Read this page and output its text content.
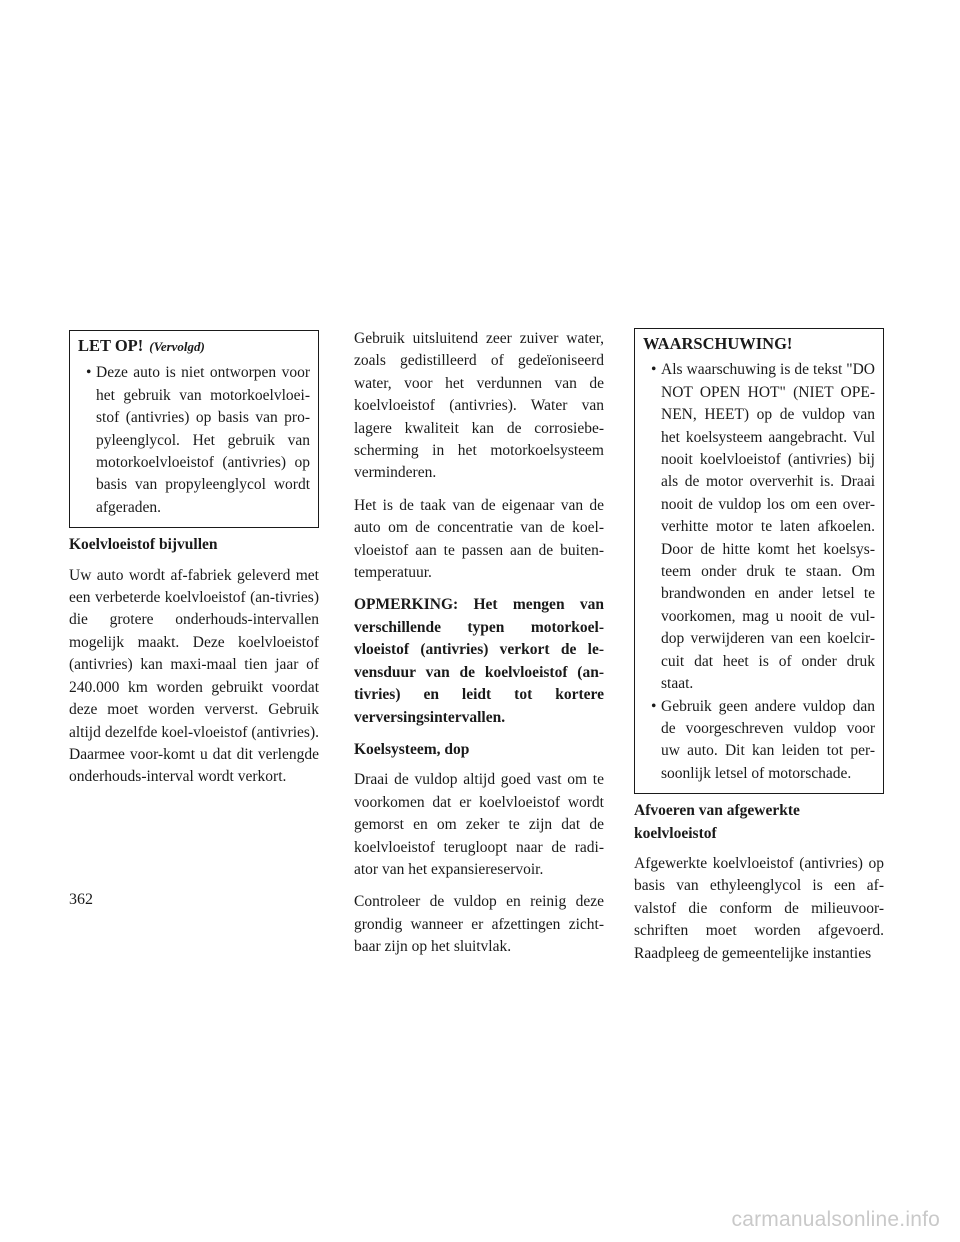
LET OP! (Vervolgd)
• Deze auto is niet ontworpen voor het gebruik van motorkoelvloei-stof (antivries) op basis van pro-pyleenglycol. Het gebruik van motorkoelvloeistof (antivries) op basis van propyleenglycol wordt afgeraden.
Koelvloeistof bijvullen

Uw auto wordt af-fabriek geleverd met een verbeterde koelvloeistof (an-tivries) die grotere onderhouds-intervallen mogelijk maakt. Deze koelvloeistof (antivries) kan maxi-maal tien jaar of 240.000 km worden gebruikt voordat deze moet worden ververst. Gebruik altijd dezelfde koel-vloeistof (antivries). Daarmee voor-komt u dat dit verlengde onderhouds-interval wordt verkort.

Gebruik uitsluitend zeer zuiver water, zoals gedistilleerd of gedeïoniseerd water, voor het verdunnen van de koelvloeistof (antivries). Water van lagere kwaliteit kan de corrosiebe-scherming in het motorkoelsysteem verminderen.

Het is de taak van de eigenaar van de auto om de concentratie van de koel-vloeistof aan te passen aan de buiten-temperatuur.

OPMERKING: Het mengen van verschillende typen motorkoel-vloeistof (antivries) verkort de le-vensduur van de koelvloeistof (an-tivries) en leidt tot kortere verversingsintervallen.

Koelsysteem, dop

Draai de vuldop altijd goed vast om te voorkomen dat er koelvloeistof wordt gemorst en om zeker te zijn dat de koelvloeistof terugloopt naar de radi-ator van het expansiereservoir.

Controleer de vuldop en reinig deze grondig wanneer er afzettingen zicht-baar zijn op het sluitvlak.

WAARSCHUWING!
• Als waarschuwing is de tekst "DO NOT OPEN HOT" (NIET OPE-NEN, HEET) op de vuldop van het koelsysteem aangebracht. Vul nooit koelvloeistof (antivries) bij als de motor oververhit is. Draai nooit de vuldop los om een over-verhitte motor te laten afkoelen. Door de hitte komt het koelsys-teem onder druk te staan. Om brandwonden en ander letsel te voorkomen, mag u nooit de vul-dop verwijderen van een koelcir-cuit dat heet is of onder druk staat.
• Gebruik geen andere vuldop dan de voorgeschreven vuldop voor uw auto. Dit kan leiden tot per-soonlijk letsel of motorschade.
Afvoeren van afgewerkte koelvloeistof

Afgewerkte koelvloeistof (antivries) op basis van ethyleenglycol is een af-valstof die conform de milieuvoor-schriften moet worden afgevoerd. Raadpleeg de gemeentelijke instanties

362
carmanualsonline.info
